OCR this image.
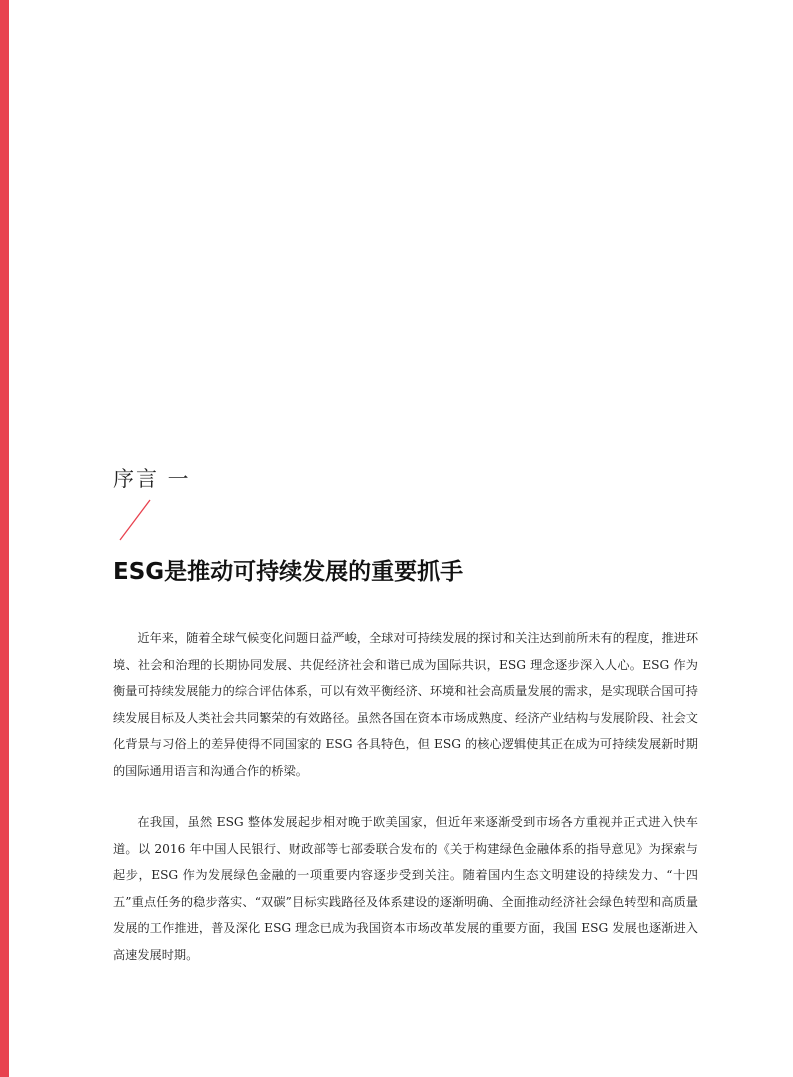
序言 一
ESG是推动可持续发展的重要抓手

近年来，随着全球气候变化问题日益严峻，全球对可持续发展的探讨和关注达到前所未有的程度，推进环境、社会和治理的长期协同发展、共促经济社会和谐已成为国际共识，ESG 理念逐步深入人心。ESG 作为衡量可持续发展能力的综合评估体系，可以有效平衡经济、环境和社会高质量发展的需求，是实现联合国可持续发展目标及人类社会共同繁荣的有效路径。虽然各国在资本市场成熟度、经济产业结构与发展阶段、社会文化背景与习俗上的差异使得不同国家的 ESG 各具特色，但 ESG 的核心逻辑使其正在成为可持续发展新时期的国际通用语言和沟通合作的桥梁。

在我国，虽然 ESG 整体发展起步相对晚于欧美国家，但近年来逐渐受到市场各方重视并正式进入快车道。以 2016 年中国人民银行、财政部等七部委联合发布的《关于构建绿色金融体系的指导意见》为探索与起步，ESG 作为发展绿色金融的一项重要内容逐步受到关注。随着国内生态文明建设的持续发力、“十四五”重点任务的稳步落实、“双碳”目标实践路径及体系建设的逐渐明确、全面推动经济社会绿色转型和高质量发展的工作推进，普及深化 ESG 理念已成为我国资本市场改革发展的重要方面，我国 ESG 发展也逐渐进入高速发展时期。
